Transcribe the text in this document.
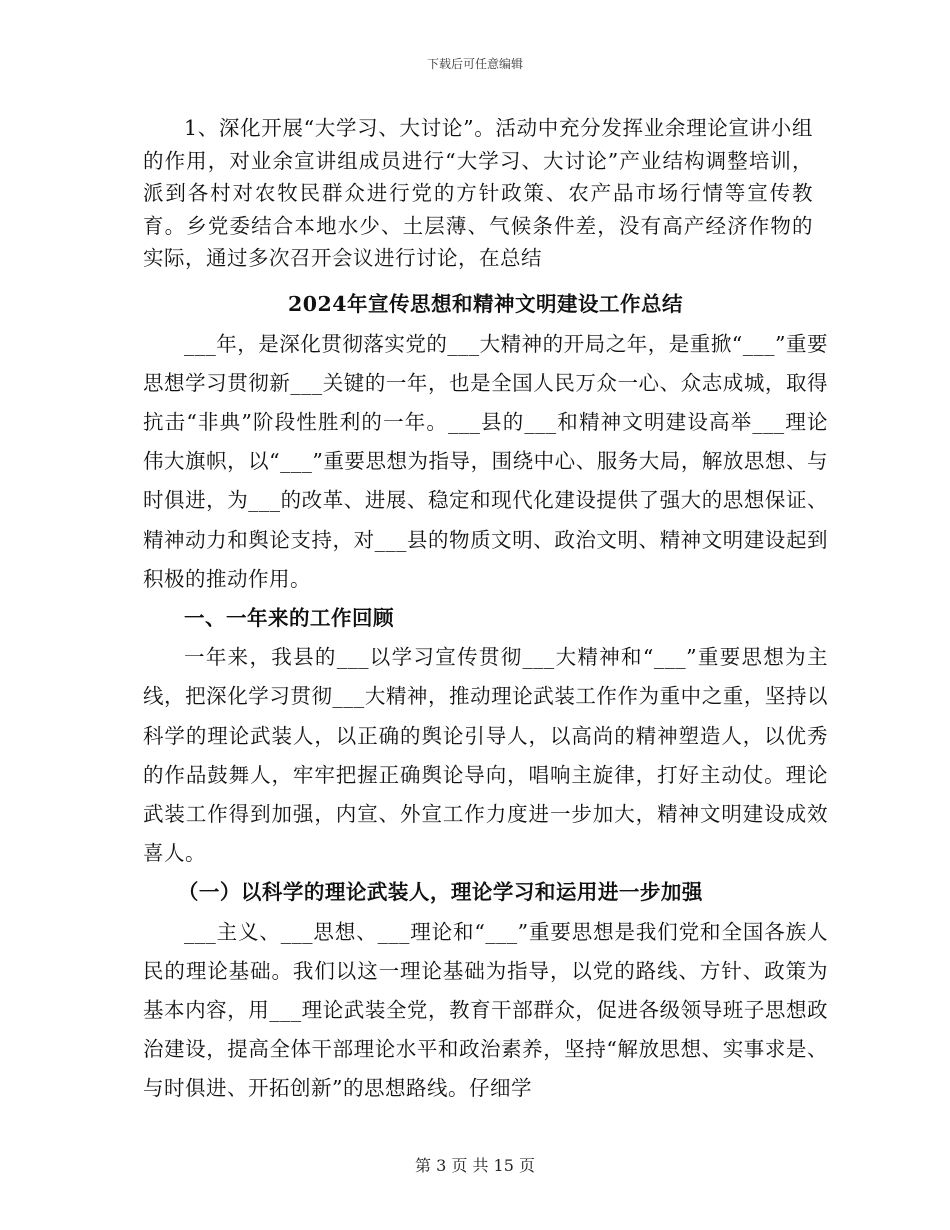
下载后可任意编辑

1、深化开展“大学习、大讨论”。活动中充分发挥业余理论宣讲小组的作用，对业余宣讲组成员进行“大学习、大讨论”产业结构调整培训，派到各村对农牧民群众进行党的方针政策、农产品市场行情等宣传教育。乡党委结合本地水少、土层薄、气候条件差，没有高产经济作物的实际，通过多次召开会议进行讨论，在总结

2024年宣传思想和精神文明建设工作总结

___年，是深化贯彻落实党的___大精神的开局之年，是重掀“___”重要思想学习贯彻新___关键的一年，也是全国人民万众一心、众志成城，取得抗击“非典”阶段性胜利的一年。___县的___和精神文明建设高举___理论伟大旗帜，以“___”重要思想为指导，围绕中心、服务大局，解放思想、与时俱进，为___的改革、进展、稳定和现代化建设提供了强大的思想保证、精神动力和舆论支持，对___县的物质文明、政治文明、精神文明建设起到积极的推动作用。

一、一年来的工作回顾

一年来，我县的___以学习宣传贯彻___大精神和“___”重要思想为主线，把深化学习贯彻___大精神，推动理论武装工作作为重中之重，坚持以科学的理论武装人，以正确的舆论引导人，以高尚的精神塑造人，以优秀的作品鼓舞人，牢牢把握正确舆论导向，唱响主旋律，打好主动仗。理论武装工作得到加强，内宣、外宣工作力度进一步加大，精神文明建设成效喜人。

（一）以科学的理论武装人，理论学习和运用进一步加强

___主义、___思想、___理论和“___”重要思想是我们党和全国各族人民的理论基础。我们以这一理论基础为指导，以党的路线、方针、政策为基本内容，用___理论武装全党，教育干部群众，促进各级领导班子思想政治建设，提高全体干部理论水平和政治素养，坚持“解放思想、实事求是、与时俱进、开拓创新”的思想路线。仔细学

第 3 页 共 15 页
